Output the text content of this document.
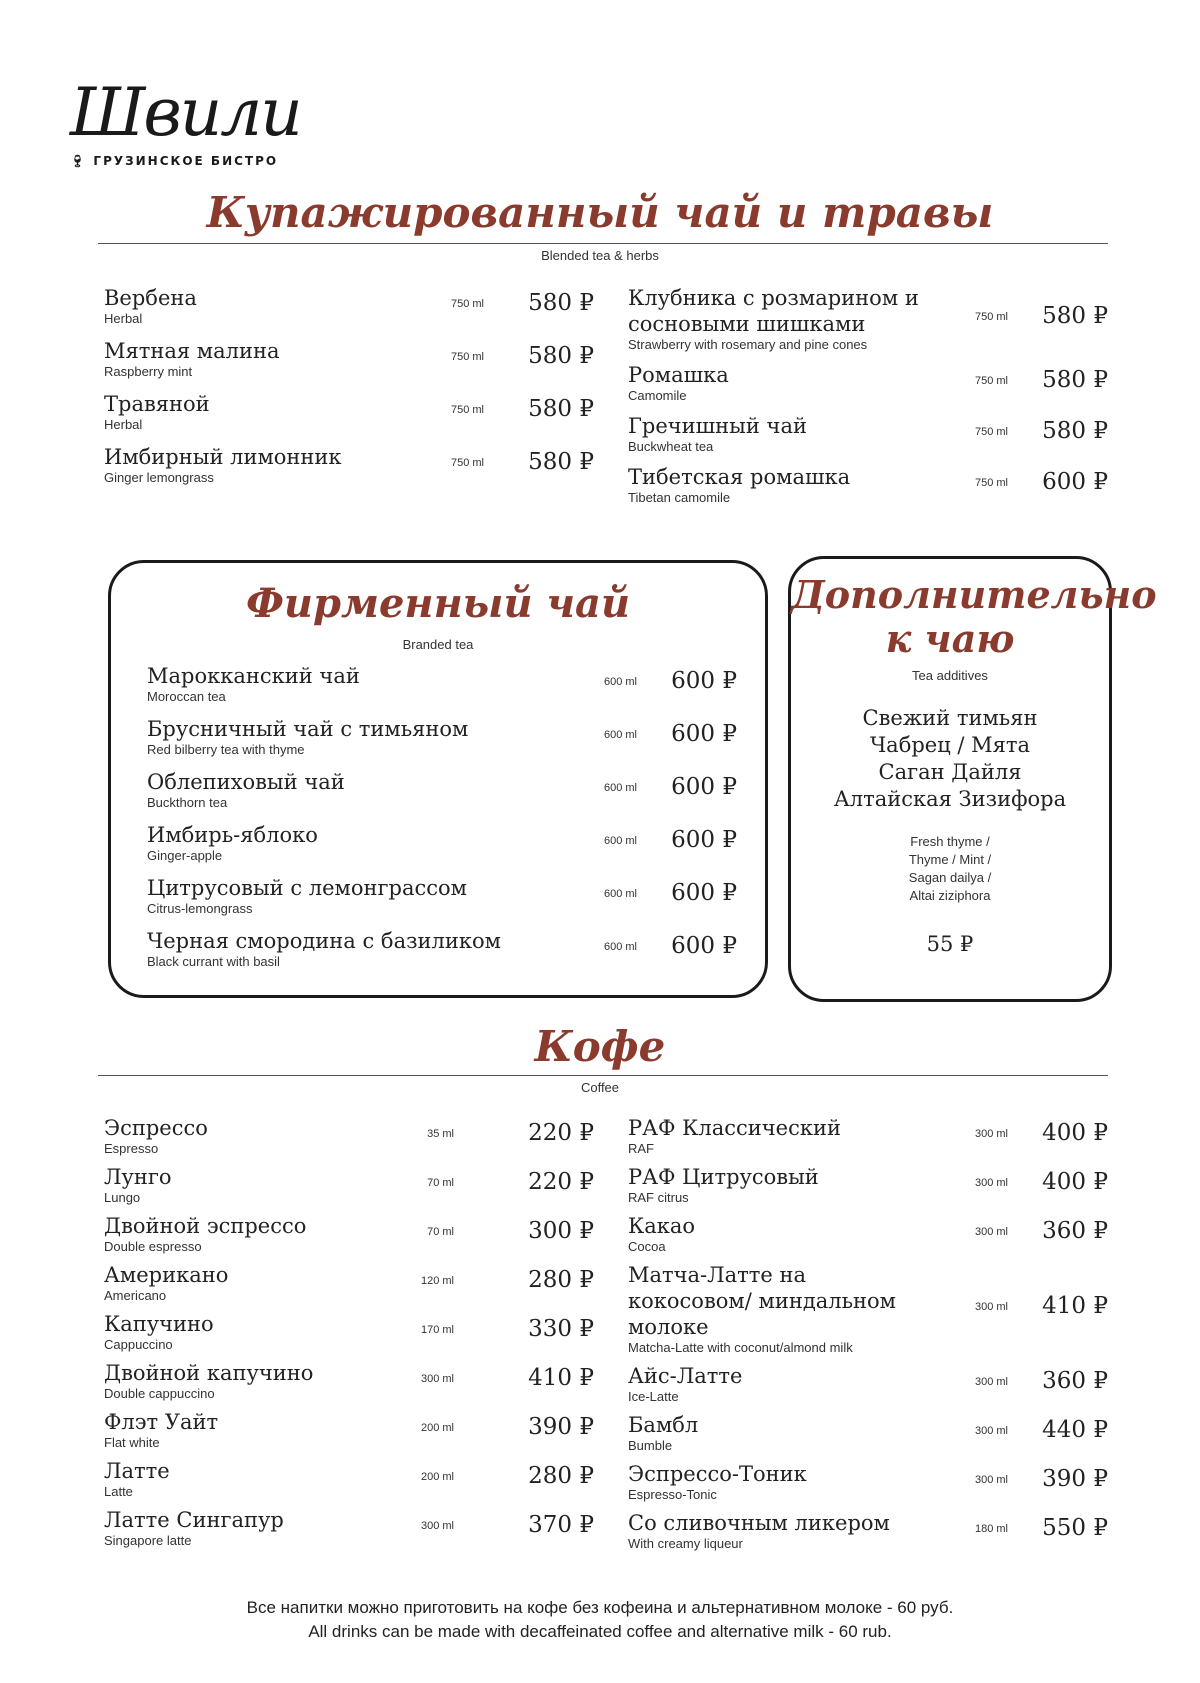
Швили
🍷︎ ГРУЗИНСКОЕ БИСТРО
Купажированный чай и травы
Blended tea & herbs
Вербена
Herbal
750 ml	580 ₽
Мятная малина
Raspberry mint
750 ml	580 ₽
Травяной
Herbal
750 ml	580 ₽
Имбирный лимонник
Ginger lemongrass
750 ml	580 ₽
Клубника с розмарином и сосновыми шишками
Strawberry with rosemary and pine cones
750 ml	580 ₽
Ромашка
Camomile
750 ml	580 ₽
Гречишный чай
Buckwheat tea
750 ml	580 ₽
Тибетская ромашка
Tibetan camomile
750 ml	600 ₽
Фирменный чай
Branded tea
Марокканский чай
Moroccan tea
600 ml	600 ₽
Брусничный чай с тимьяном
Red bilberry tea with thyme
600 ml	600 ₽
Облепиховый чай
Buckthorn tea
600 ml	600 ₽
Имбирь-яблоко
Ginger-apple
600 ml	600 ₽
Цитрусовый с лемонграссом
Citrus-lemongrass
600 ml	600 ₽
Черная смородина с базиликом
Black currant with basil
600 ml	600 ₽
Дополнительно
к чаю
Tea additives
Свежий тимьян
Чабрец / Мята
Саган Дайля
Алтайская Зизифора
Fresh thyme /
Thyme / Mint /
Sagan dailya /
Altai ziziphora
55 ₽
Кофе
Coffee
Эспрессо
Espresso
35 ml	220 ₽
Лунго
Lungo
70 ml	220 ₽
Двойной эспрессо
Double espresso
70 ml	300 ₽
Американо
Americano
120 ml	280 ₽
Капучино
Cappuccino
170 ml	330 ₽
Двойной капучино
Double cappuccino
300 ml	410 ₽
Флэт Уайт
Flat white
200 ml	390 ₽
Латте
Latte
200 ml	280 ₽
Латте Сингапур
Singapore latte
300 ml	370 ₽
РАФ Классический
RAF
300 ml	400 ₽
РАФ Цитрусовый
RAF citrus
300 ml	400 ₽
Какао
Cocoa
300 ml	360 ₽
Матча-Латте на кокосовом/ миндальном молоке
Matcha-Latte with coconut/almond milk
300 ml	410 ₽
Айс-Латте
Ice-Latte
300 ml	360 ₽
Бамбл
Bumble
300 ml	440 ₽
Эспрессо-Тоник
Espresso-Tonic
300 ml	390 ₽
Со сливочным ликером
With creamy liqueur
180 ml	550 ₽
Все напитки можно приготовить на кофе без кофеина и альтернативном молоке - 60 руб.
All drinks can be made with decaffeinated coffee and alternative milk - 60 rub.
